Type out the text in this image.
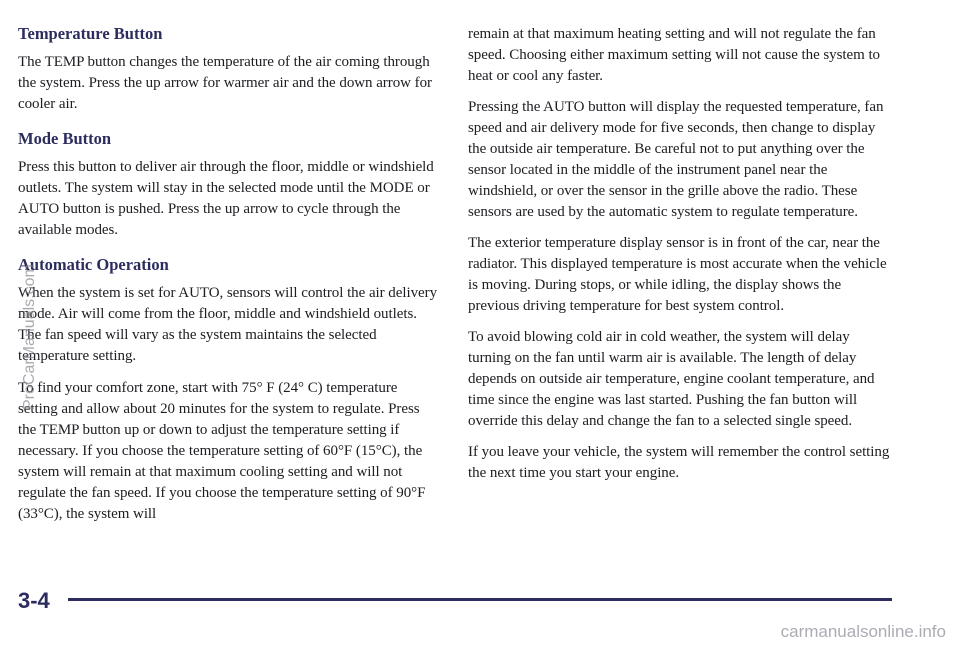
Temperature Button

The TEMP button changes the temperature of the air coming through the system. Press the up arrow for warmer air and the down arrow for cooler air.

Mode Button

Press this button to deliver air through the floor, middle or windshield outlets. The system will stay in the selected mode until the MODE or AUTO button is pushed. Press the up arrow to cycle through the available modes.

Automatic Operation

When the system is set for AUTO, sensors will control the air delivery mode. Air will come from the floor, middle and windshield outlets. The fan speed will vary as the system maintains the selected temperature setting.

To find your comfort zone, start with 75° F (24° C) temperature setting and allow about 20 minutes for the system to regulate. Press the TEMP button up or down to adjust the temperature setting if necessary. If you choose the temperature setting of 60°F (15°C), the system will remain at that maximum cooling setting and will not regulate the fan speed. If you choose the temperature setting of 90°F (33°C), the system will

remain at that maximum heating setting and will not regulate the fan speed. Choosing either maximum setting will not cause the system to heat or cool any faster.

Pressing the AUTO button will display the requested temperature, fan speed and air delivery mode for five seconds, then change to display the outside air temperature. Be careful not to put anything over the sensor located in the middle of the instrument panel near the windshield, or over the sensor in the grille above the radio. These sensors are used by the automatic system to regulate temperature.

The exterior temperature display sensor is in front of the car, near the radiator. This displayed temperature is most accurate when the vehicle is moving. During stops, or while idling, the display shows the previous driving temperature for best system control.

To avoid blowing cold air in cold weather, the system will delay turning on the fan until warm air is available. The length of delay depends on outside air temperature, engine coolant temperature, and time since the engine was last started. Pushing the fan button will override this delay and change the fan to a selected single speed.

If you leave your vehicle, the system will remember the control setting the next time you start your engine.

3-4
ProCarManuals.com
carmanualsonline.info
